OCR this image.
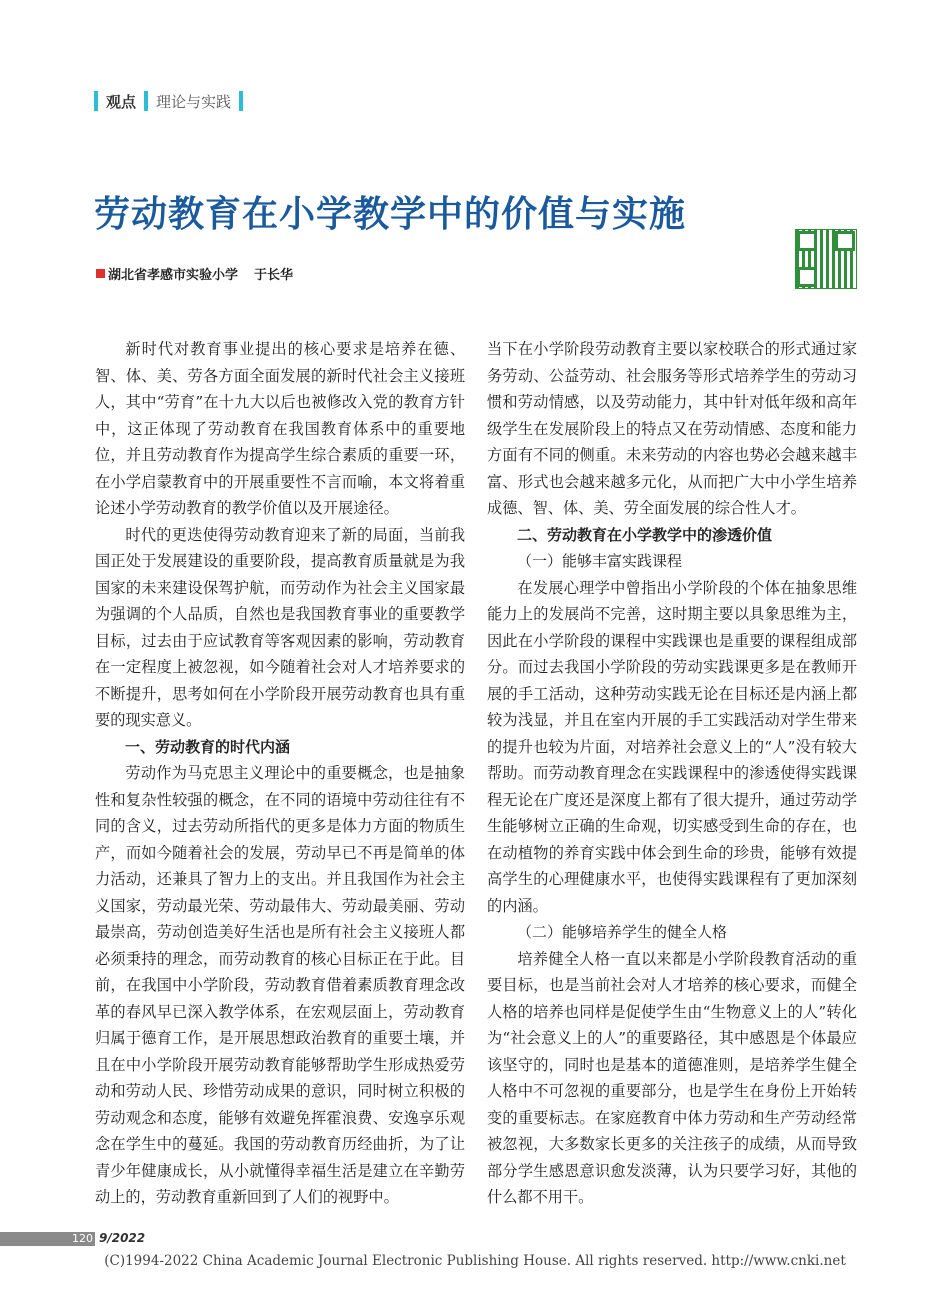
观点 理论与实践
劳动教育在小学教学中的价值与实施
湖北省孝感市实验小学 于长华

新时代对教育事业提出的核心要求是培养在德、智、体、美、劳各方面全面发展的新时代社会主义接班人，其中“劳育”在十九大以后也被修改入党的教育方针中，这正体现了劳动教育在我国教育体系中的重要地位，并且劳动教育作为提高学生综合素质的重要一环，在小学启蒙教育中的开展重要性不言而喻，本文将着重论述小学劳动教育的教学价值以及开展途径。

时代的更迭使得劳动教育迎来了新的局面，当前我国正处于发展建设的重要阶段，提高教育质量就是为我国家的未来建设保驾护航，而劳动作为社会主义国家最为强调的个人品质，自然也是我国教育事业的重要教学目标，过去由于应试教育等客观因素的影响，劳动教育在一定程度上被忽视，如今随着社会对人才培养要求的不断提升，思考如何在小学阶段开展劳动教育也具有重要的现实意义。

一、劳动教育的时代内涵

劳动作为马克思主义理论中的重要概念，也是抽象性和复杂性较强的概念，在不同的语境中劳动往往有不同的含义，过去劳动所指代的更多是体力方面的物质生产，而如今随着社会的发展，劳动早已不再是简单的体力活动，还兼具了智力上的支出。并且我国作为社会主义国家，劳动最光荣、劳动最伟大、劳动最美丽、劳动最崇高，劳动创造美好生活也是所有社会主义接班人都必须秉持的理念，而劳动教育的核心目标正在于此。目前，在我国中小学阶段，劳动教育借着素质教育理念改革的春风早已深入教学体系，在宏观层面上，劳动教育归属于德育工作，是开展思想政治教育的重要土壤，并且在中小学阶段开展劳动教育能够帮助学生形成热爱劳动和劳动人民、珍惜劳动成果的意识，同时树立积极的劳动观念和态度，能够有效避免挥霍浪费、安逸享乐观念在学生中的蔓延。我国的劳动教育历经曲折，为了让青少年健康成长，从小就懂得幸福生活是建立在辛勤劳动上的，劳动教育重新回到了人们的视野中。

当下在小学阶段劳动教育主要以家校联合的形式通过家务劳动、公益劳动、社会服务等形式培养学生的劳动习惯和劳动情感，以及劳动能力，其中针对低年级和高年级学生在发展阶段上的特点又在劳动情感、态度和能力方面有不同的侧重。未来劳动的内容也势必会越来越丰富、形式也会越来越多元化，从而把广大中小学生培养成德、智、体、美、劳全面发展的综合性人才。

二、劳动教育在小学教学中的渗透价值
（一）能够丰富实践课程

在发展心理学中曾指出小学阶段的个体在抽象思维能力上的发展尚不完善，这时期主要以具象思维为主，因此在小学阶段的课程中实践课也是重要的课程组成部分。而过去我国小学阶段的劳动实践课更多是在教师开展的手工活动，这种劳动实践无论在目标还是内涵上都较为浅显，并且在室内开展的手工实践活动对学生带来的提升也较为片面，对培养社会意义上的“人”没有较大帮助。而劳动教育理念在实践课程中的渗透使得实践课程无论在广度还是深度上都有了很大提升，通过劳动学生能够树立正确的生命观，切实感受到生命的存在，也在动植物的养育实践中体会到生命的珍贵，能够有效提高学生的心理健康水平，也使得实践课程有了更加深刻的内涵。

（二）能够培养学生的健全人格

培养健全人格一直以来都是小学阶段教育活动的重要目标，也是当前社会对人才培养的核心要求，而健全人格的培养也同样是促使学生由“生物意义上的人”转化为“社会意义上的人”的重要路径，其中感恩是个体最应该坚守的，同时也是基本的道德准则，是培养学生健全人格中不可忽视的重要部分，也是学生在身份上开始转变的重要标志。在家庭教育中体力劳动和生产劳动经常被忽视，大多数家长更多的关注孩子的成绩，从而导致部分学生感恩意识愈发淡薄，认为只要学习好，其他的什么都不用干。

120 9/2022
(C)1994-2022 China Academic Journal Electronic Publishing House. All rights reserved. http://www.cnki.net
